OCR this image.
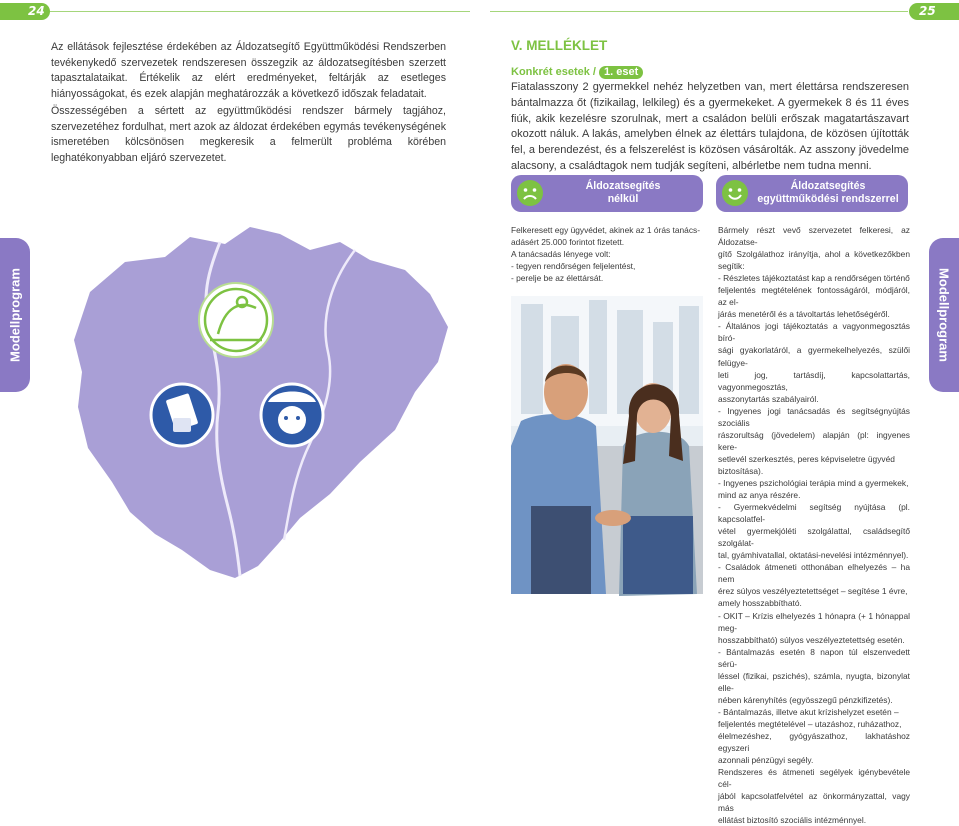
24	25
Modellprogram	Modellprogram

Az ellátások fejlesztése érdekében az Áldozatsegítő Együttműködési Rendszerben tevékenykedő szervezetek rendszeresen összegzik az áldozatsegítésben szerzett tapasztalataikat. Értékelik az elért eredményeket, feltárják az esetleges hiányosságokat, és ezek alapján meghatározzák a következő időszak feladatait.

Összességében a sértett az együttműködési rendszer bármely tagjához, szervezetéhez fordulhat, mert azok az áldozat érdekében egymás tevékenységének ismeretében kölcsönösen megkeresik a felmerült probléma körében leghatékonyabban eljáró szervezetet.

V. MELLÉKLET
Konkrét esetek / 1. eset

Fiatalasszony 2 gyermekkel nehéz helyzetben van, mert élettársa rendszeresen bántalmazza őt (fizikailag, lelkileg) és a gyermekeket. A gyermekek 8 és 11 éves fiúk, akik kezelésre szorulnak, mert a családon belüli erőszak magatartászavart okozott náluk. A lakás, amelyben élnek az élettárs tulajdona, de közösen újították fel, a berendezést, és a felszerelést is közösen vásárolták. Az asszony jövedelme alacsony, a családtagok nem tudják segíteni, albérletbe nem tudna menni.

Áldozatsegítés
nélkül
Áldozatsegítés
együttműködési rendszerrel
Felkeresett egy ügyvédet, akinek az 1 órás tanács-
adásért 25.000 forintot fizetett.
A tanácsadás lényege volt:
- tegyen rendőrségen feljelentést,
- perelje be az élettársát.
Bármely részt vevő szervezetet felkeresi, az Áldozatse-
gítő Szolgálathoz irányítja, ahol a következőkben segítik:
- Részletes tájékoztatást kap a rendőrségen történő
feljelentés megtételének fontosságáról, módjáról, az el-
járás menetéről és a távoltartás lehetőségéről.
- Általános jogi tájékoztatás a vagyonmegosztás bíró-
sági gyakorlatáról, a gyermekelhelyezés, szülői felügye-
leti jog, tartásdíj, kapcsolattartás, vagyonmegosztás,
asszonytartás szabályairól.
- Ingyenes jogi tanácsadás és segítségnyújtás szociális
rászorultság (jövedelem) alapján (pl: ingyenes kere-
setlevél szerkesztés, peres képviseletre ügyvéd
biztosítása).
- Ingyenes pszichológiai terápia mind a gyermekek,
mind az anya részére.
- Gyermekvédelmi segítség nyújtása (pl. kapcsolatfel-
vétel gyermekjóléti szolgálattal, családsegítő szolgálat-
tal, gyámhivatallal, oktatási-nevelési intézménnyel).
- Családok átmeneti otthonában elhelyezés – ha nem
érez súlyos veszélyeztetettséget – segítése 1 évre,
amely hosszabbítható.
- OKIT – Krízis elhelyezés 1 hónapra (+ 1 hónappal meg-
hosszabbítható) súlyos veszélyeztetettség esetén.
- Bántalmazás esetén 8 napon túl elszenvedett sérü-
léssel (fizikai, pszichés), számla, nyugta, bizonylat elle-
nében kárenyhítés (egyösszegű pénzkifizetés).
- Bántalmazás, illetve akut krízishelyzet esetén –
feljelentés megtételével – utazáshoz, ruházathoz,
élelmezéshez, gyógyászathoz, lakhatáshoz egyszeri
azonnali pénzügyi segély.
Rendszeres és átmeneti segélyek igénybevétele cél-
jából kapcsolatfelvétel az önkormányzattal, vagy más
ellátást biztosító szociális intézménnyel.
